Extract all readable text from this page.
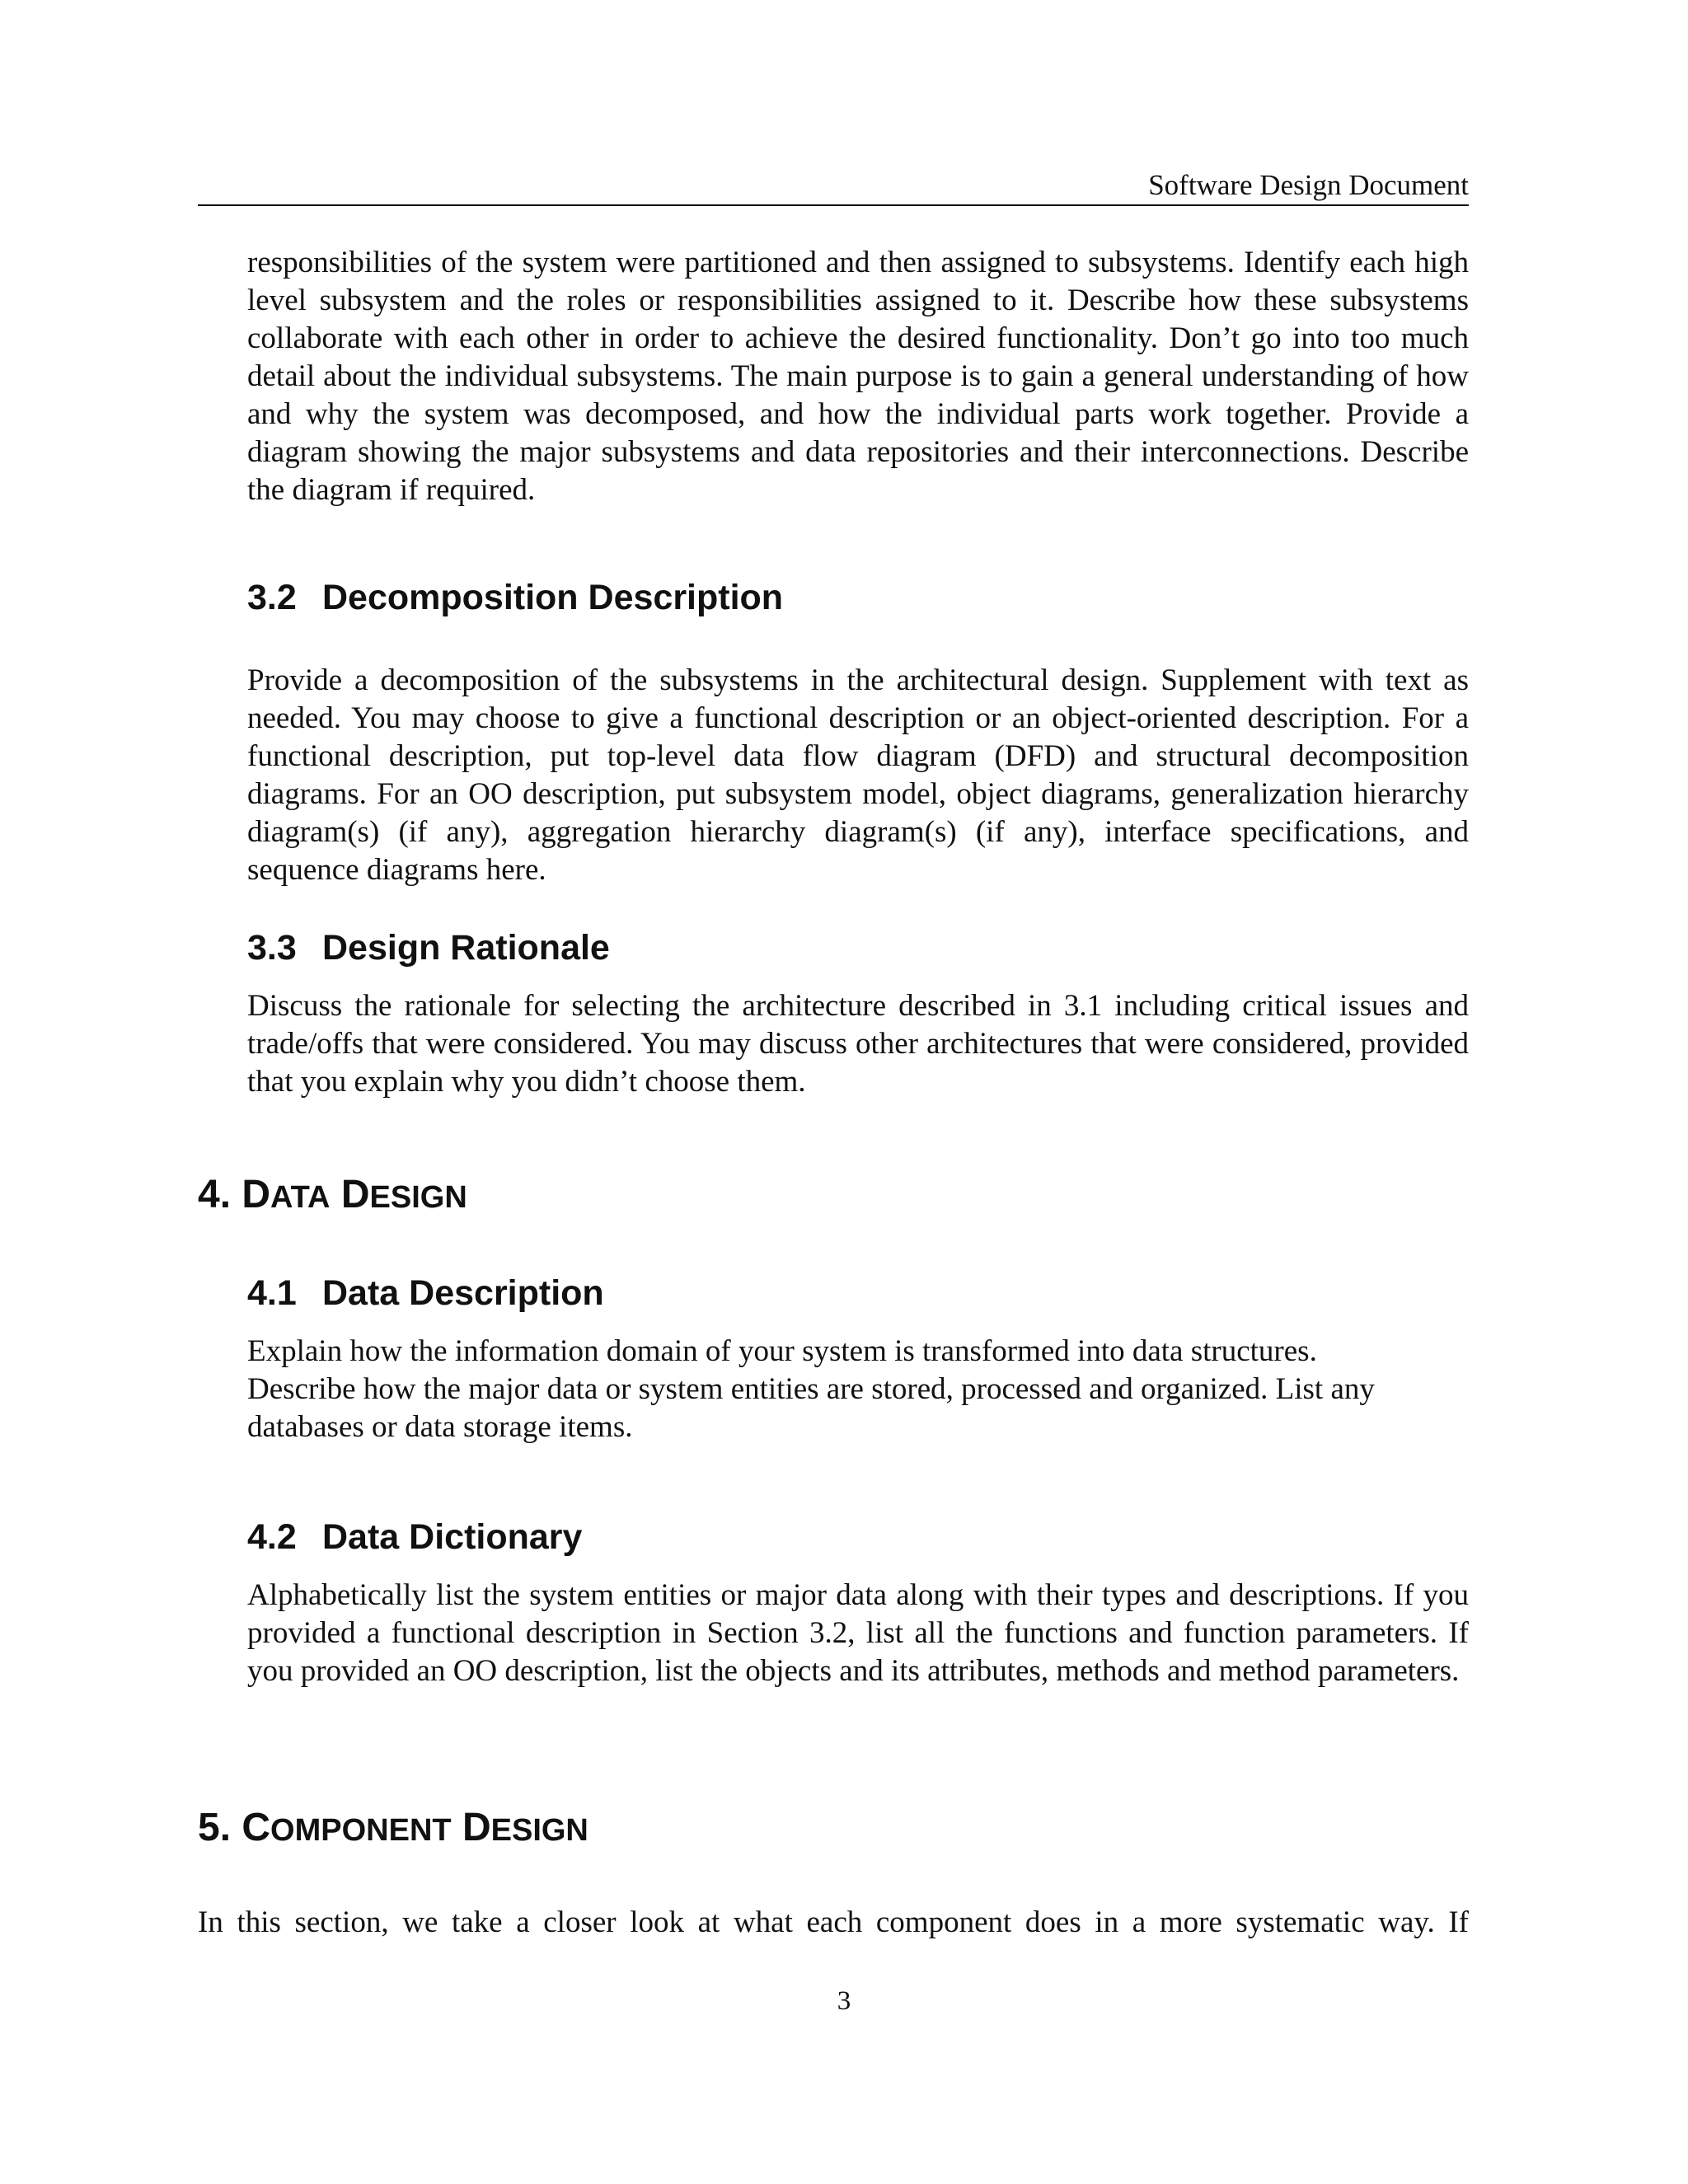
Software Design Document

responsibilities of the system were partitioned and then assigned to subsystems. Identify each high level subsystem and the roles or responsibilities assigned to it. Describe how these subsystems collaborate with each other in order to achieve the desired functionality. Don’t go into too much detail about the individual subsystems. The main purpose is to gain a general understanding of how and why the system was decomposed, and how the individual parts work together. Provide a diagram showing the major subsystems and data repositories and their interconnections. Describe the diagram if required.

3.2 Decomposition Description

Provide a decomposition of the subsystems in the architectural design. Supplement with text as needed. You may choose to give a functional description or an object-oriented description. For a functional description, put top-level data flow diagram (DFD) and structural decomposition diagrams. For an OO description, put subsystem model, object diagrams, generalization hierarchy diagram(s) (if any), aggregation hierarchy diagram(s) (if any), interface specifications, and sequence diagrams here.

3.3 Design Rationale

Discuss the rationale for selecting the architecture described in 3.1 including critical issues and trade/offs that were considered. You may discuss other architectures that were considered, provided that you explain why you didn’t choose them.

4. DATA DESIGN
4.1 Data Description
Explain how the information domain of your system is transformed into data structures.
Describe how the major data or system entities are stored, processed and organized. List any
databases or data storage items.
4.2 Data Dictionary

Alphabetically list the system entities or major data along with their types and descriptions. If you provided a functional description in Section 3.2, list all the functions and function parameters. If you provided an OO description, list the objects and its attributes, methods and method parameters.

5. COMPONENT DESIGN

In this section, we take a closer look at what each component does in a more systematic way. If

3
